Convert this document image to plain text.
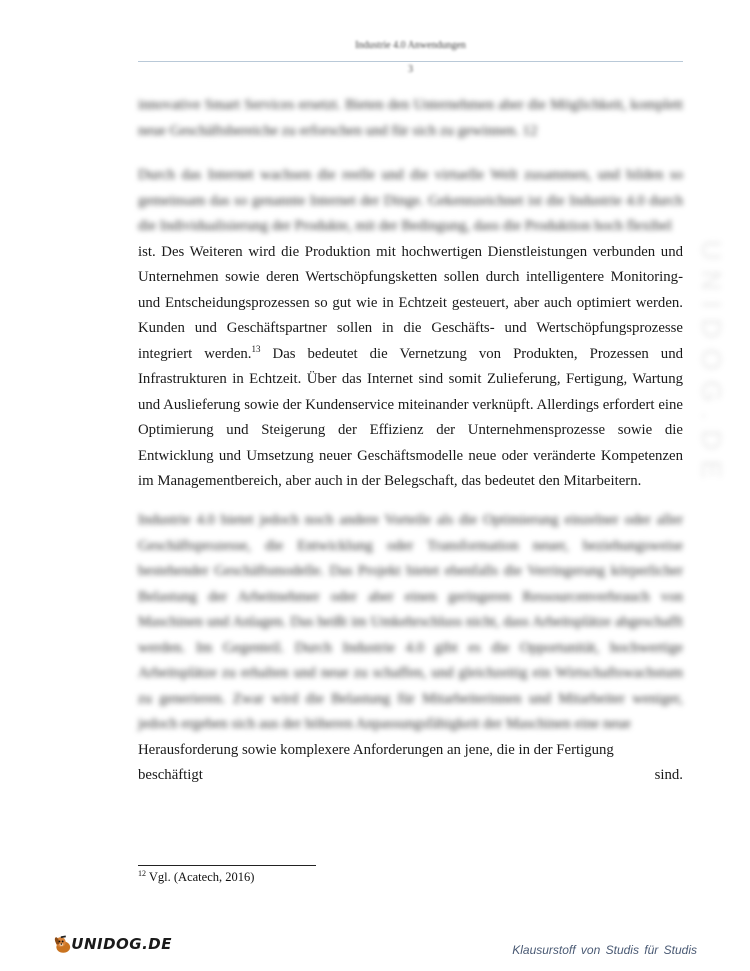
Industrie 4.0 Anwendungen
3
UNIDOG.DE
innovative Smart Services ersetzt. Bieten den Unternehmen aber die Möglichkeit, komplett neue Geschäftsbereiche zu erforschen und für sich zu gewinnen. 12

Durch das Internet wachsen die reelle und die virtuelle Welt zusammen, und bilden so gemeinsam das so genannte Internet der Dinge. Gekennzeichnet ist die Industrie 4.0 durch die Individualisierung der Produkte, mit der Bedingung, dass die Produktion hoch flexibel

ist. Des Weiteren wird die Produktion mit hochwertigen Dienstleistungen verbunden und Unternehmen sowie deren Wertschöpfungsketten sollen durch intelligentere Monitoring- und Entscheidungsprozessen so gut wie in Echtzeit gesteuert, aber auch optimiert werden. Kunden und Geschäftspartner sollen in die Geschäfts- und Wertschöpfungsprozesse integriert werden.$^{13}$ Das bedeutet die Vernetzung von Produkten, Prozessen und Infrastrukturen in Echtzeit. Über das Internet sind somit Zulieferung, Fertigung, Wartung und Auslieferung sowie der Kundenservice miteinander verknüpft. Allerdings erfordert eine Optimierung und Steigerung der Effizienz der Unternehmensprozesse sowie die Entwicklung und Umsetzung neuer Geschäftsmodelle neue oder veränderte Kompetenzen im Managementbereich, aber auch in der Belegschaft, das bedeutet den Mitarbeitern.

Industrie 4.0 bietet jedoch noch andere Vorteile als die Optimierung einzelner oder aller Geschäftsprozesse, die Entwicklung oder Transformation neuer, beziehungsweise bestehender Geschäftsmodelle. Das Projekt bietet ebenfalls die Verringerung körperlicher Belastung der Arbeitnehmer oder aber einen geringeren Ressourcenverbrauch von Maschinen und Anlagen. Das heißt im Umkehrschluss nicht, dass Arbeitsplätze abgeschafft werden. Im Gegenteil. Durch Industrie 4.0 gibt es die Opportunität, hochwertige Arbeitsplätze zu erhalten und neue zu schaffen, und gleichzeitig ein Wirtschaftswachstum zu generieren. Zwar wird die Belastung für Mitarbeiterinnen und Mitarbeiter weniger, jedoch ergeben sich aus der höheren Anpassungsfähigkeit der Maschinen eine neue

Herausforderung sowie komplexere Anforderungen an jene, die in der Fertigung

beschäftigt	sind.
$^{12}$ Vgl. (Acatech, 2016)
UNIDOG.DE	Klausurstoff von Studis für Studis
